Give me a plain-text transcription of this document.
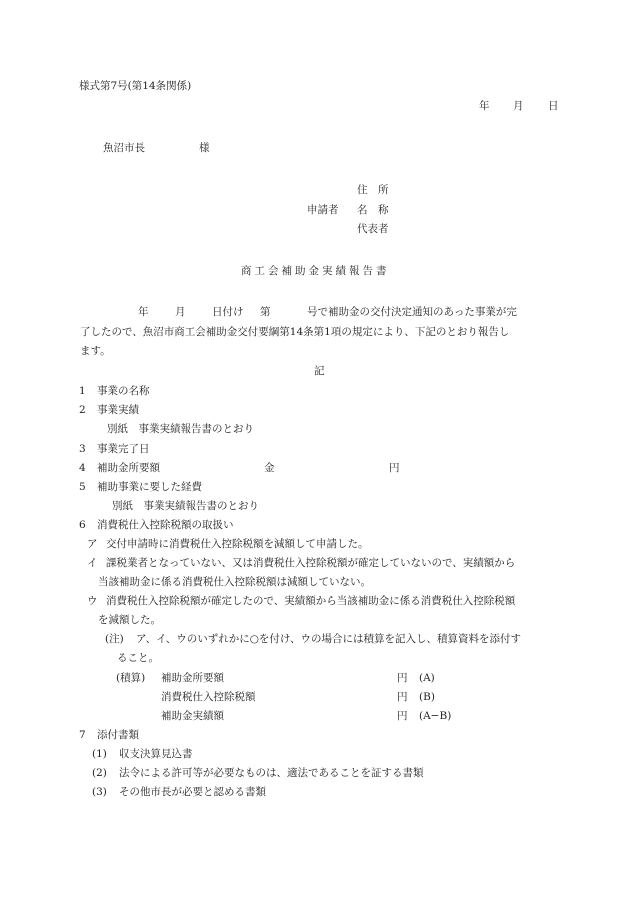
様式第7号(第14条関係)
年 月 日
魚沼市長	様
住　所
申請者 名　称
代表者
商工会補助金実績報告書
年	月	日付け 第	号で補助金の交付決定通知のあった事業が完
了したので、魚沼市商工会補助金交付要綱第14条第1項の規定により、下記のとおり報告し
ます。
記
1 事業の名称
2 事業実績
別紙　事業実績報告書のとおり
3 事業完了日
4 補助金所要額	金	円
5 補助事業に要した経費
別紙　事業実績報告書のとおり
6 消費税仕入控除税額の取扱い
ア 交付申請時に消費税仕入控除税額を減額して申請した。
イ 課税業者となっていない、又は消費税仕入控除税額が確定していないので、実績額から
当該補助金に係る消費税仕入控除税額は減額していない。
ウ 消費税仕入控除税額が確定したので、実績額から当該補助金に係る消費税仕入控除税額
を減額した。
(注) ア、イ、ウのいずれかに○を付け、ウの場合には積算を記入し、積算資料を添付す
ること。
(積算) 補助金所要額	円 (A)
消費税仕入控除税額	円 (B)
補助金実績額	円 (A−B)
7 添付書類
(1) 収支決算見込書
(2) 法令による許可等が必要なものは、適法であることを証する書類
(3) その他市長が必要と認める書類
